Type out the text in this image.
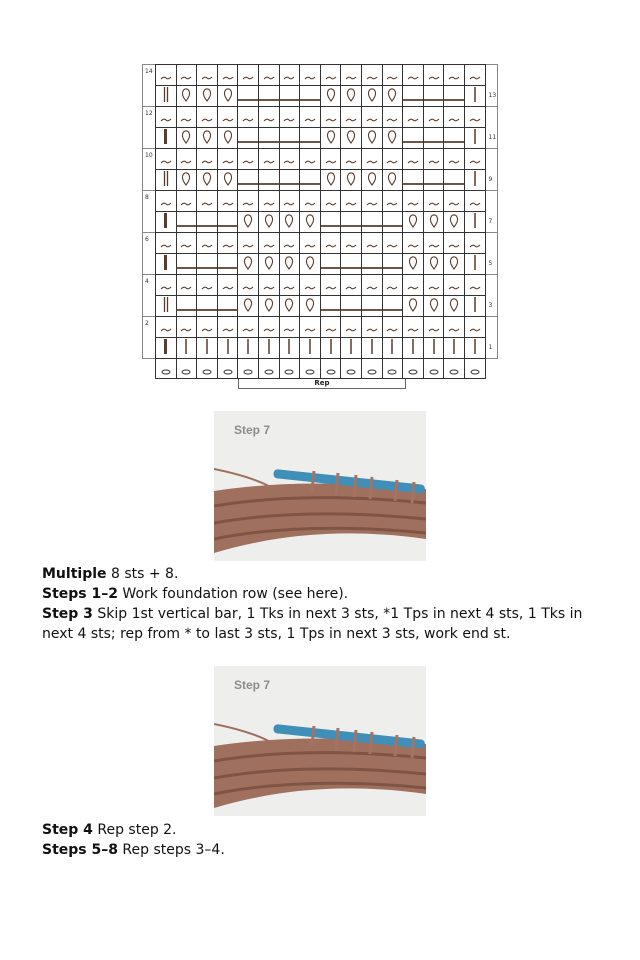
14
13
12
11
10
9
8
7
6
5
4
3
2
1
Rep
Step 7
Multiple 8 sts + 8.
Steps 1–2 Work foundation row (see here).
Step 3 Skip 1st vertical bar, 1 Tks in next 3 sts, *1 Tps in next 4 sts, 1 Tks in next 4 sts; rep from * to last 3 sts, 1 Tps in next 3 sts, work end st.
Step 7
Step 4 Rep step 2.
Steps 5–8 Rep steps 3–4.
